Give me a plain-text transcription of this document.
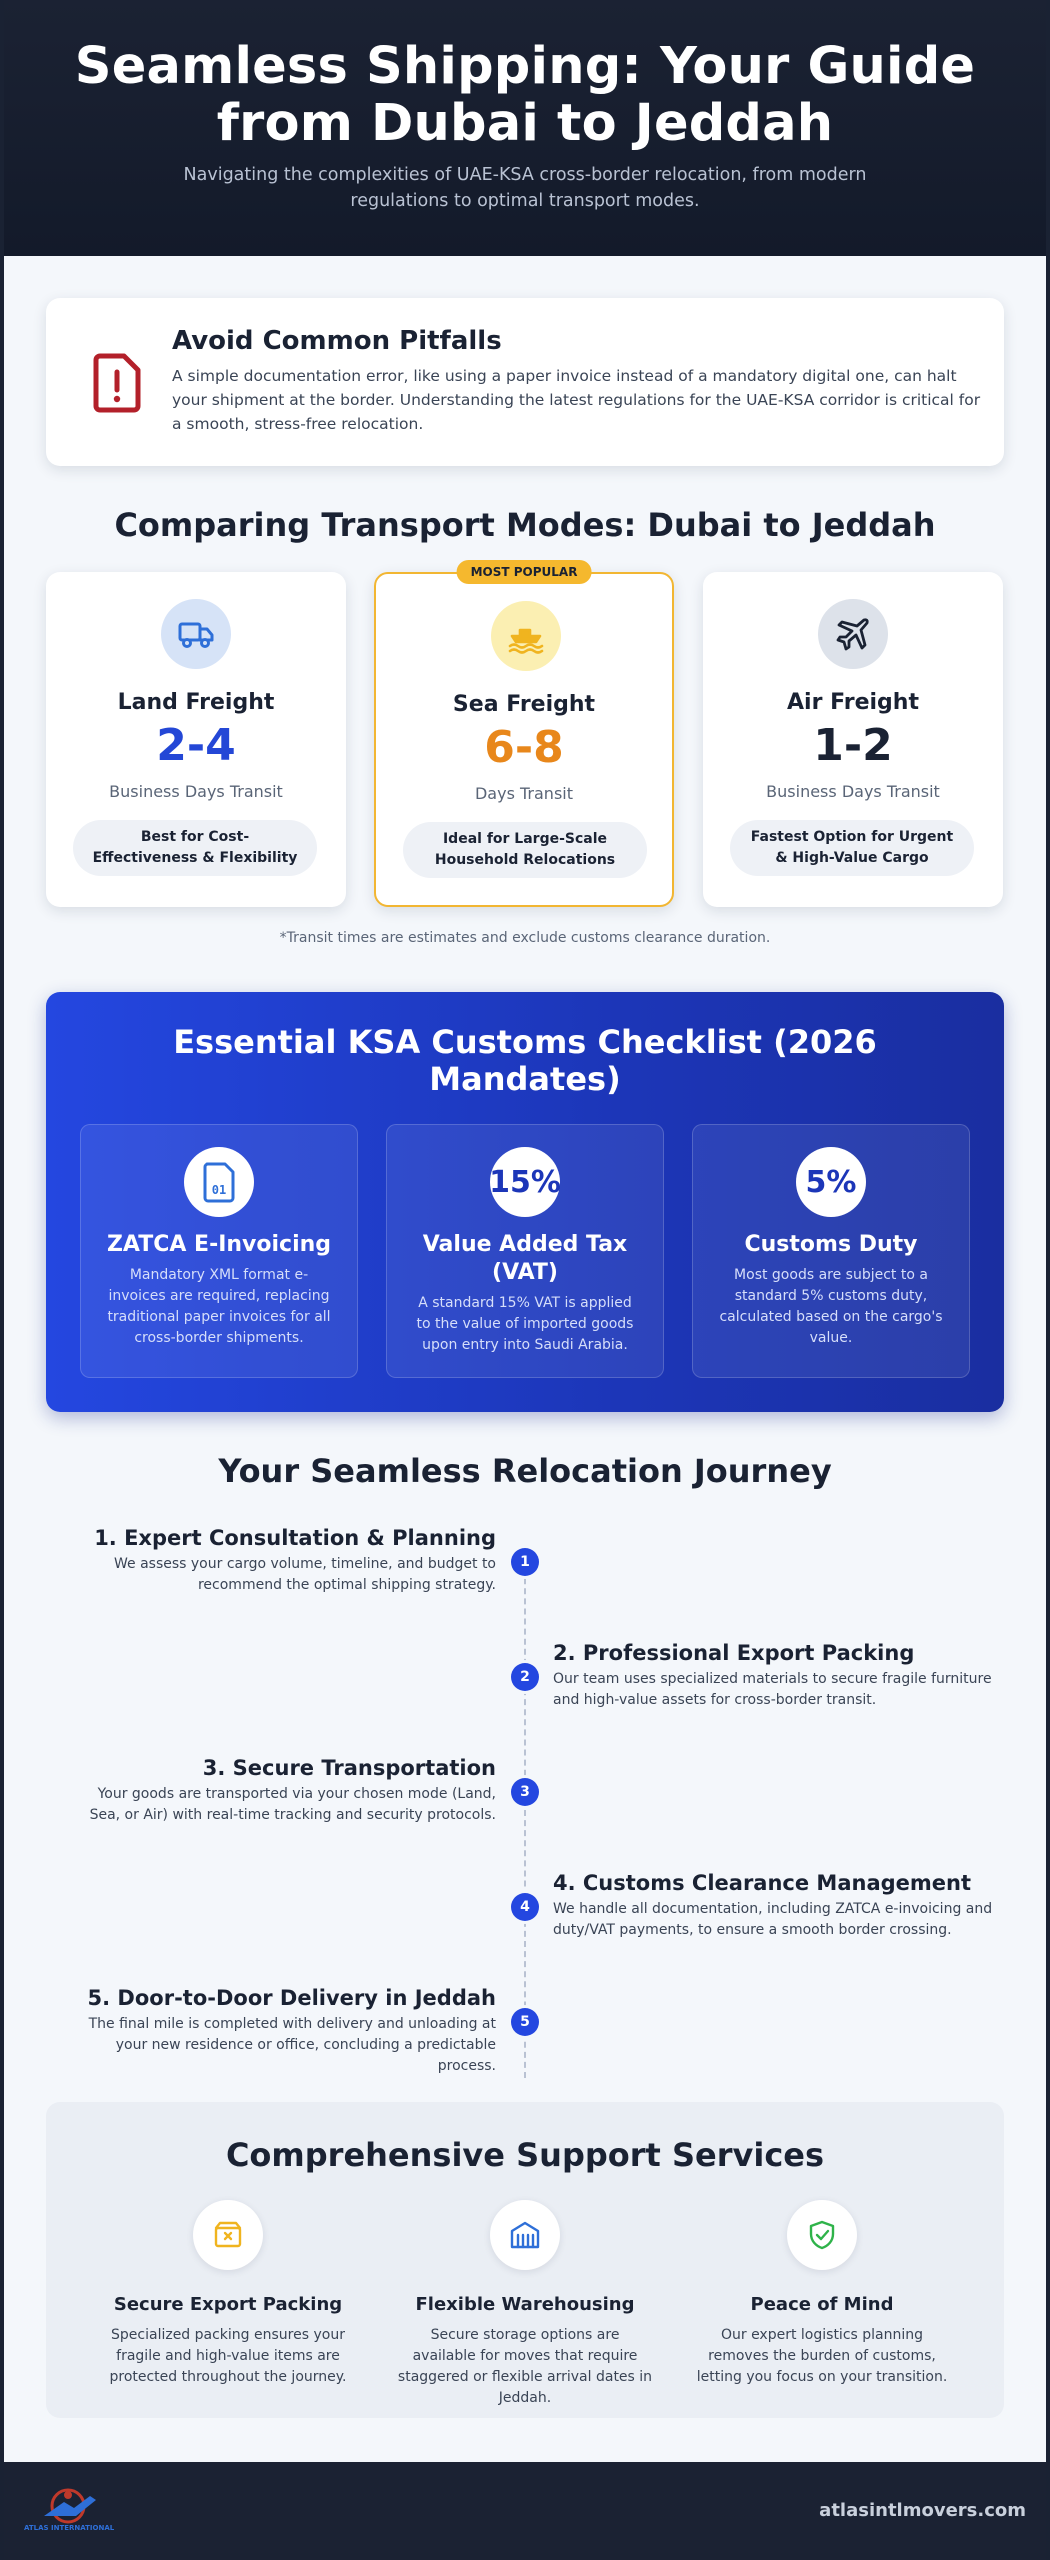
Seamless Shipping: Your Guide from Dubai to Jeddah

Navigating the complexities of UAE-KSA cross-border relocation, from modern regulations to optimal transport modes.

Avoid Common Pitfalls

A simple documentation error, like using a paper invoice instead of a mandatory digital one, can halt your shipment at the border. Understanding the latest regulations for the UAE-KSA corridor is critical for a smooth, stress-free relocation.

Comparing Transport Modes: Dubai to Jeddah
Land Freight
2-4
Business Days Transit
Best for Cost-Effectiveness & Flexibility
MOST POPULAR
Sea Freight
6-8
Days Transit
Ideal for Large-Scale Household Relocations
Air Freight
1-2
Business Days Transit
Fastest Option for Urgent & High-Value Cargo

*Transit times are estimates and exclude customs clearance duration.

Essential KSA Customs Checklist (2026 Mandates)
01
ZATCA E-Invoicing

Mandatory XML format e-invoices are required, replacing traditional paper invoices for all cross-border shipments.

15%
Value Added Tax (VAT)

A standard 15% VAT is applied to the value of imported goods upon entry into Saudi Arabia.

5%
Customs Duty

Most goods are subject to a standard 5% customs duty, calculated based on the cargo's value.

Your Seamless Relocation Journey
1. Expert Consultation & Planning

We assess your cargo volume, timeline, and budget to recommend the optimal shipping strategy.

1
2. Professional Export Packing

Our team uses specialized materials to secure fragile furniture and high-value assets for cross-border transit.

2
3. Secure Transportation

Your goods are transported via your chosen mode (Land, Sea, or Air) with real-time tracking and security protocols.

3
4. Customs Clearance Management

We handle all documentation, including ZATCA e-invoicing and duty/VAT payments, to ensure a smooth border crossing.

4
5. Door-to-Door Delivery in Jeddah

The final mile is completed with delivery and unloading at your new residence or office, concluding a predictable process.

5
Comprehensive Support Services
Secure Export Packing

Specialized packing ensures your fragile and high-value items are protected throughout the journey.

Flexible Warehousing

Secure storage options are available for moves that require staggered or flexible arrival dates in Jeddah.

Peace of Mind

Our expert logistics planning removes the burden of customs, letting you focus on your transition.

ATLAS INTERNATIONAL
atlasintlmovers.com
